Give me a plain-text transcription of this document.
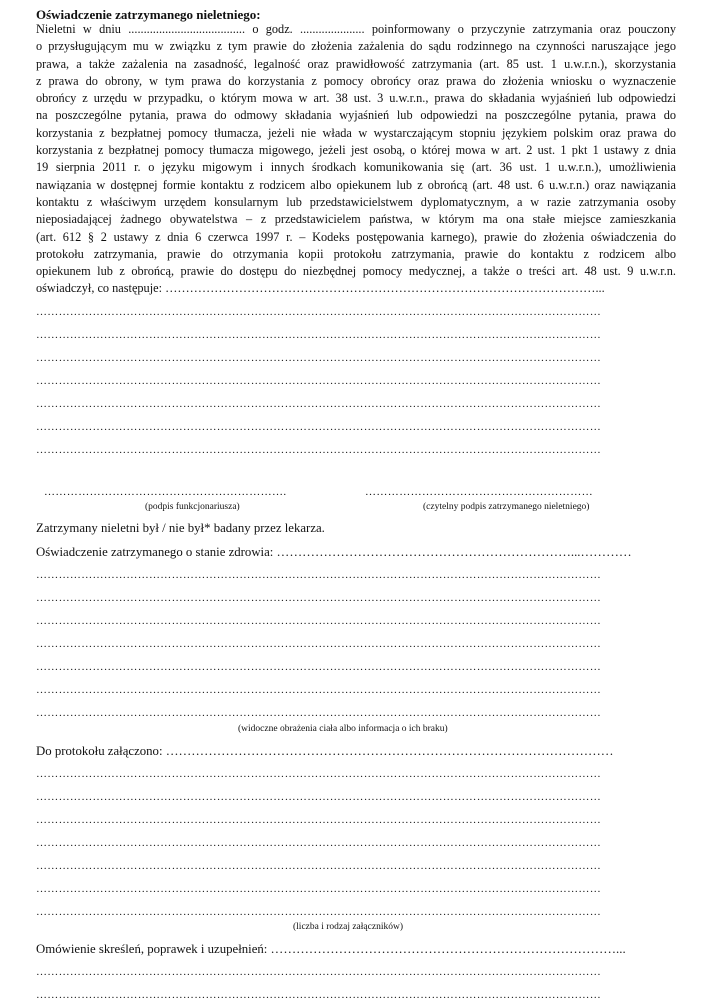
Oświadczenie zatrzymanego nieletniego:
Nieletni w dniu ...................................... o godz. ..................... poinformowany o przyczynie zatrzymania oraz pouczony
o przysługującym mu w związku z tym prawie do złożenia zażalenia do sądu rodzinnego na czynności naruszające jego
prawa, a także zażalenia na zasadność, legalność oraz prawidłowość zatrzymania (art. 85 ust. 1 u.w.r.n.), skorzystania
z prawa do obrony, w tym prawa do korzystania z pomocy obrońcy oraz prawa do złożenia wniosku o wyznaczenie
obrońcy z urzędu w przypadku, o którym mowa w art. 38 ust. 3 u.w.r.n., prawa do składania wyjaśnień lub odpowiedzi
na poszczególne pytania, prawa do odmowy składania wyjaśnień lub odpowiedzi na poszczególne pytania, prawa do
korzystania z bezpłatnej pomocy tłumacza, jeżeli nie włada w wystarczającym stopniu językiem polskim oraz prawa do
korzystania z bezpłatnej pomocy tłumacza migowego, jeżeli jest osobą, o której mowa w art. 2 ust. 1 pkt 1 ustawy z dnia
19 sierpnia 2011 r. o języku migowym i innych środkach komunikowania się (art. 36 ust. 1 u.w.r.n.), umożliwienia
nawiązania w dostępnej formie kontaktu z rodzicem albo opiekunem lub z obrońcą (art. 48 ust. 6 u.w.r.n.) oraz nawiązania
kontaktu z właściwym urzędem konsularnym lub przedstawicielstwem dyplomatycznym, a w razie zatrzymania osoby
nieposiadającej żadnego obywatelstwa – z przedstawicielem państwa, w którym ma ona stałe miejsce zamieszkania
(art. 612 § 2 ustawy z dnia 6 czerwca 1997 r. – Kodeks postępowania karnego), prawie do złożenia oświadczenia do
protokołu zatrzymania, prawie do otrzymania kopii protokołu zatrzymania, prawie do kontaktu z rodzicem albo
opiekunem lub z obrońcą, prawie do dostępu do niezbędnej pomocy medycznej, a także o treści art. 48 ust. 9 u.w.r.n.
oświadczył, co następuje: ……………………………………………………………………………………………...
……………………………………………………………………………………………………………………………………
……………………………………………………………………………………………………………………………………
……………………………………………………………………………………………………………………………………
……………………………………………………………………………………………………………………………………
……………………………………………………………………………………………………………………………………
……………………………………………………………………………………………………………………………………
……………………………………………………………………………………………………………………………………
……………………………………………………….	……………………………………………………
(podpis funkcjonariusza)	(czytelny podpis zatrzymanego nieletniego)
Zatrzymany nieletni był / nie był* badany przez lekarza.
Oświadczenie zatrzymanego o stanie zdrowia: ……………………………………………………………...…………
……………………………………………………………………………………………………………………………………
……………………………………………………………………………………………………………………………………
……………………………………………………………………………………………………………………………………
……………………………………………………………………………………………………………………………………
……………………………………………………………………………………………………………………………………
……………………………………………………………………………………………………………………………………
……………………………………………………………………………………………………………………………………
(widoczne obrażenia ciała albo informacja o ich braku)
Do protokołu załączono: ……………………………………………………………………………………………
……………………………………………………………………………………………………………………………………
……………………………………………………………………………………………………………………………………
……………………………………………………………………………………………………………………………………
……………………………………………………………………………………………………………………………………
……………………………………………………………………………………………………………………………………
……………………………………………………………………………………………………………………………………
……………………………………………………………………………………………………………………………………
(liczba i rodzaj załączników)
Omówienie skreśleń, poprawek i uzupełnień: ………………………………………………………………………...
……………………………………………………………………………………………………………………………………
……………………………………………………………………………………………………………………………………
